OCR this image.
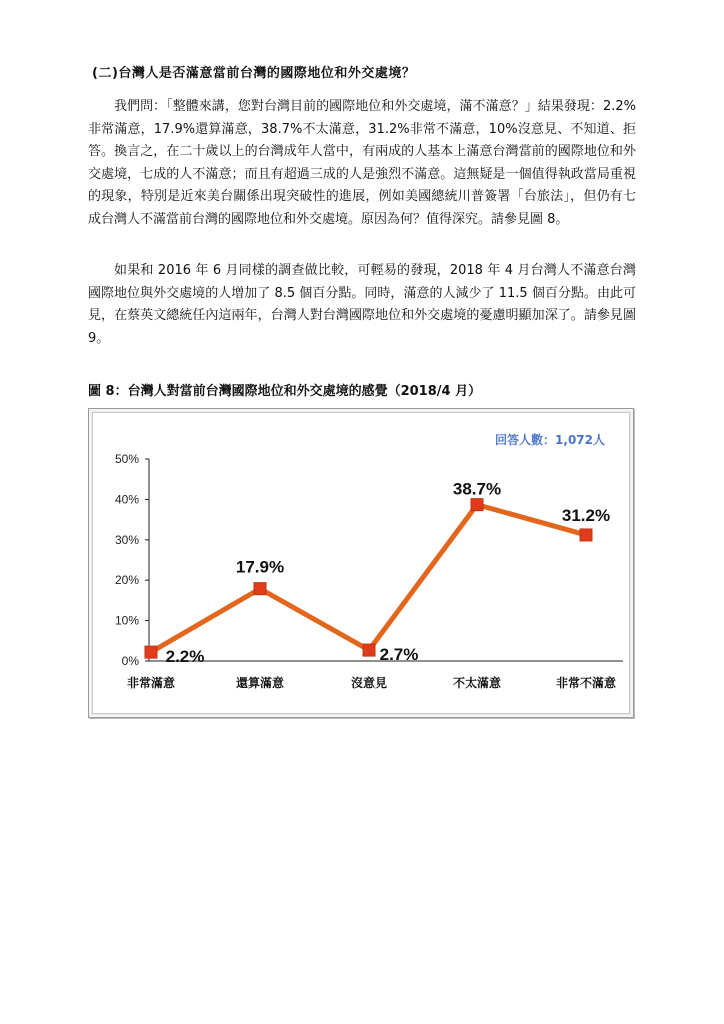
(二)台灣人是否滿意當前台灣的國際地位和外交處境？

我們問：「整體來講，您對台灣目前的國際地位和外交處境，滿不滿意？」結果發現：2.2%非常滿意，17.9%還算滿意，38.7%不太滿意，31.2%非常不滿意，10%沒意見、不知道、拒答。換言之，在二十歲以上的台灣成年人當中，有兩成的人基本上滿意台灣當前的國際地位和外交處境，七成的人不滿意；而且有超過三成的人是強烈不滿意。這無疑是一個值得執政當局重視的現象，特別是近來美台關係出現突破性的進展，例如美國總統川普簽署「台旅法」，但仍有七成台灣人不滿當前台灣的國際地位和外交處境。原因為何？值得深究。請參見圖 8。

如果和 2016 年 6 月同樣的調查做比較，可輕易的發現，2018 年 4 月台灣人不滿意台灣國際地位與外交處境的人增加了 8.5 個百分點。同時，滿意的人減少了 11.5 個百分點。由此可見，在蔡英文總統任內這兩年，台灣人對台灣國際地位和外交處境的憂慮明顯加深了。請參見圖 9。

圖 8：台灣人對當前台灣國際地位和外交處境的感覺（2018/4 月）
0%
10%
20%
30%
40%
50%
非常滿意	還算滿意	沒意見	不太滿意	非常不滿意
2.2%
17.9%
2.7%
38.7%
31.2%
回答人數：1,072人
